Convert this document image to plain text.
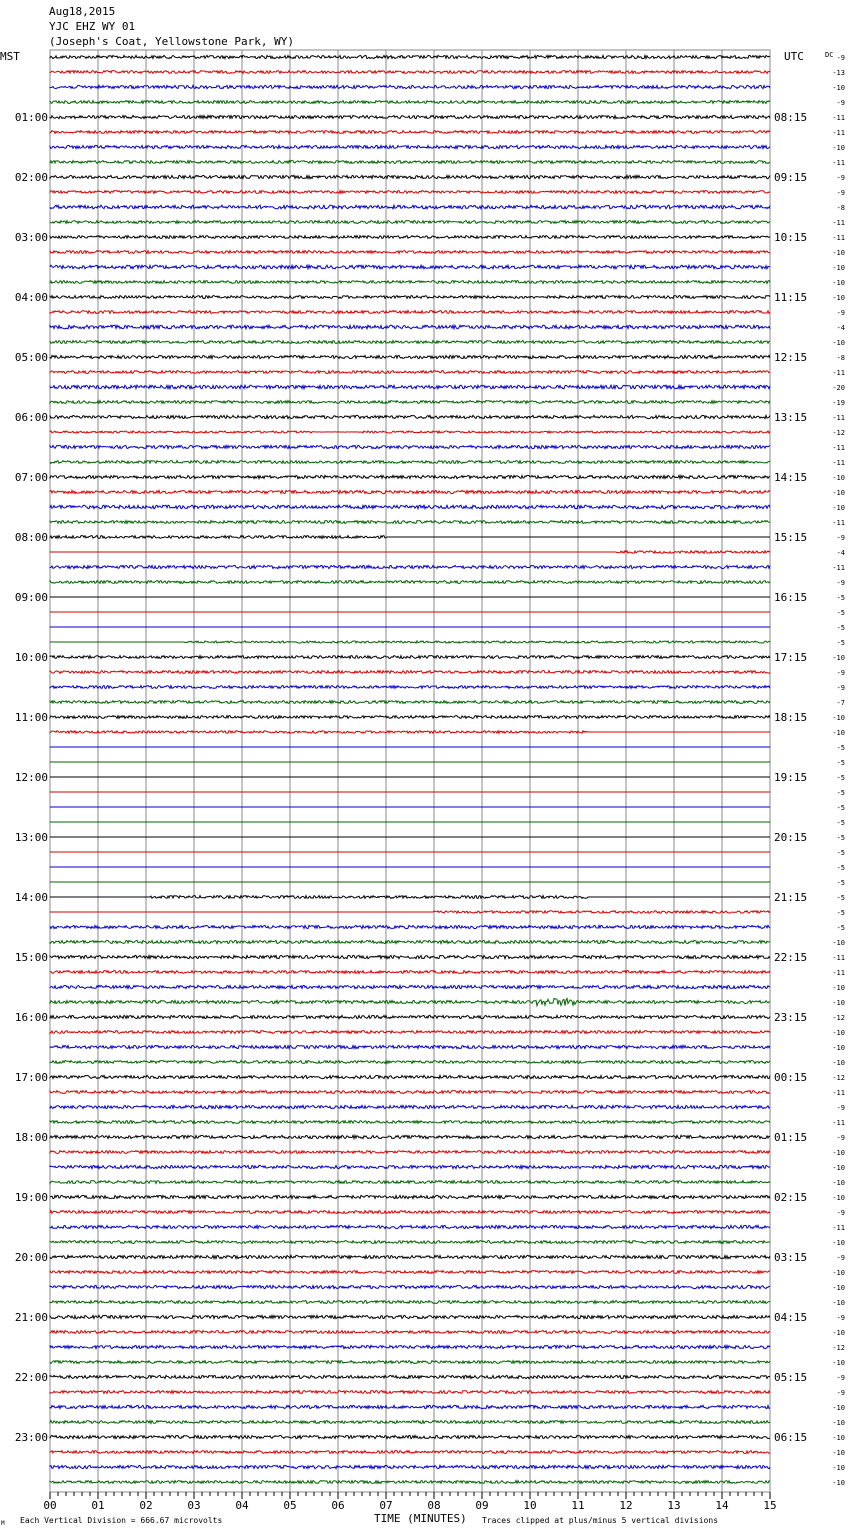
Aug18,2015
YJC EHZ WY 01
(Joseph's Coat, Yellowstone Park, WY)
-9
-13
-10
-9
-11
-11
-10
-11
-9
-9
-8
-11
-11
-10
-10
-10
-10
-9
-4
-10
-8
-11
-20
-19
-11
-12
-11
-11
-10
-10
-10
-11
-9
-4
-11
-9
-5
-5
-5
-5
-10
-9
-9
-7
-10
-10
-5
-5
-5
-5
-5
-5
-5
-5
-5
-5
-5
-5
-5
-10
-11
-11
-10
-10
-12
-10
-10
-10
-12
-11
-9
-11
-9
-10
-10
-10
-10
-9
-11
-10
-9
-10
-10
-10
-9
-10
-12
-10
-9
-9
-10
-10
-10
-10
-10
-10
01:00
02:00
03:00
04:00
05:00
06:00
07:00
08:00
09:00
10:00
11:00
12:00
13:00
14:00
15:00
16:00
17:00
18:00
19:00
20:00
21:00
22:00
23:00
08:15
09:15
10:15
11:15
12:15
13:15
14:15
15:15
16:15
17:15
18:15
19:15
20:15
21:15
22:15
23:15
00:15
01:15
02:15
03:15
04:15
05:15
06:15
00	01	02	03	04	05	06	07	08	09	10	11	12	13	14	15
MST	UTC	DC
TIME (MINUTES)
Each Vertical Division = 666.67 microvolts	Traces clipped at plus/minus 5 vertical divisions
M
